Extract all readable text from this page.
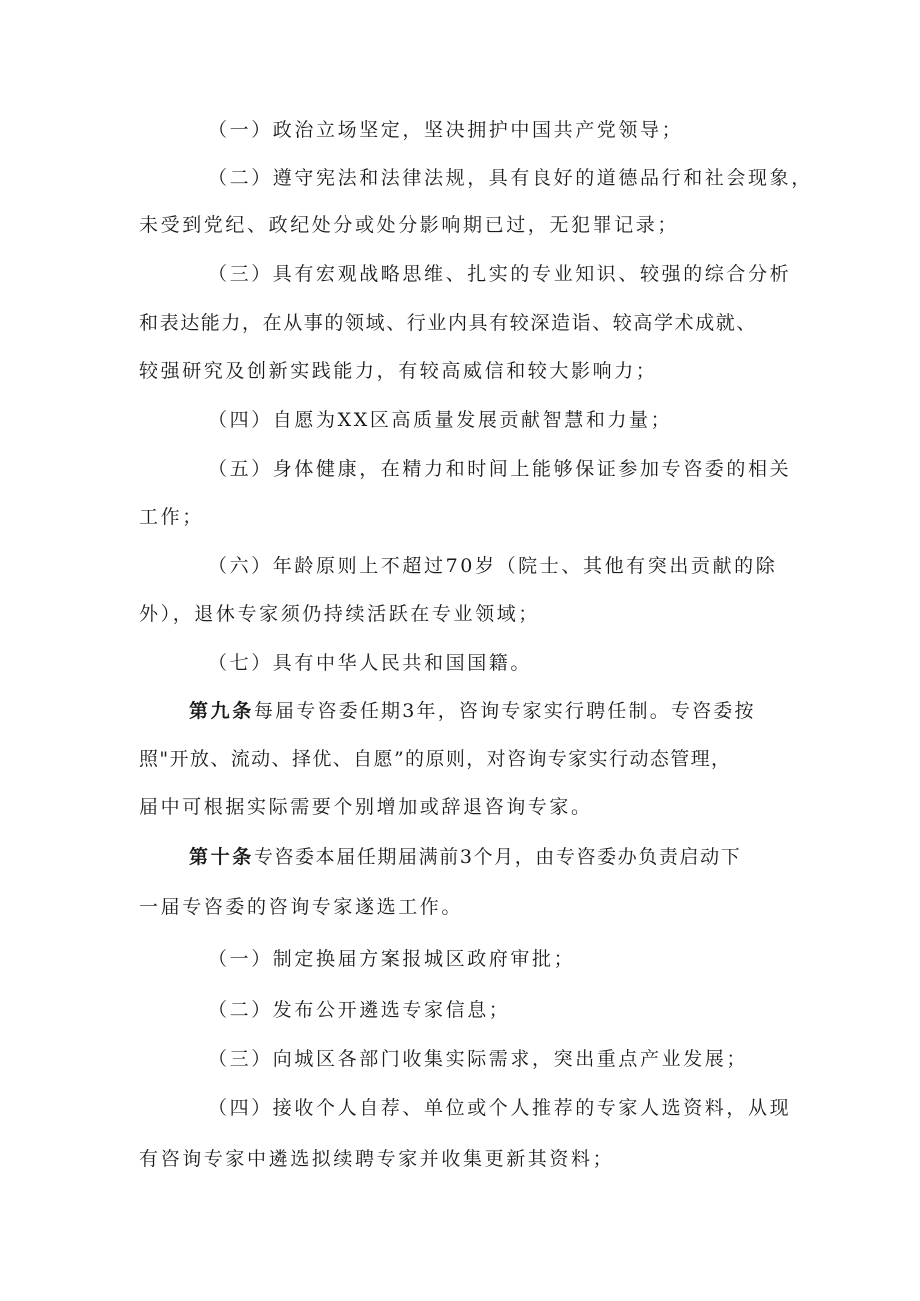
（一）政治立场坚定，坚决拥护中国共产党领导；
（二）遵守宪法和法律法规，具有良好的道德品行和社会现象，
未受到党纪、政纪处分或处分影响期已过，无犯罪记录；
（三）具有宏观战略思维、扎实的专业知识、较强的综合分析
和表达能力，在从事的领域、行业内具有较深造诣、较高学术成就、
较强研究及创新实践能力，有较高威信和较大影响力；
（四）自愿为XX区高质量发展贡献智慧和力量；
（五）身体健康，在精力和时间上能够保证参加专咨委的相关
工作；
（六）年龄原则上不超过70岁（院士、其他有突出贡献的除
外），退休专家须仍持续活跃在专业领域；
（七）具有中华人民共和国国籍。
第九条每届专咨委任期3年，咨询专家实行聘任制。专咨委按
照"开放、流动、择优、自愿”的原则，对咨询专家实行动态管理，
届中可根据实际需要个别增加或辞退咨询专家。
第十条专咨委本届任期届满前3个月，由专咨委办负责启动下
一届专咨委的咨询专家遂选工作。
（一）制定换届方案报城区政府审批；
（二）发布公开遴选专家信息；
（三）向城区各部门收集实际需求，突出重点产业发展；
（四）接收个人自荐、单位或个人推荐的专家人选资料，从现
有咨询专家中遴选拟续聘专家并收集更新其资料；
